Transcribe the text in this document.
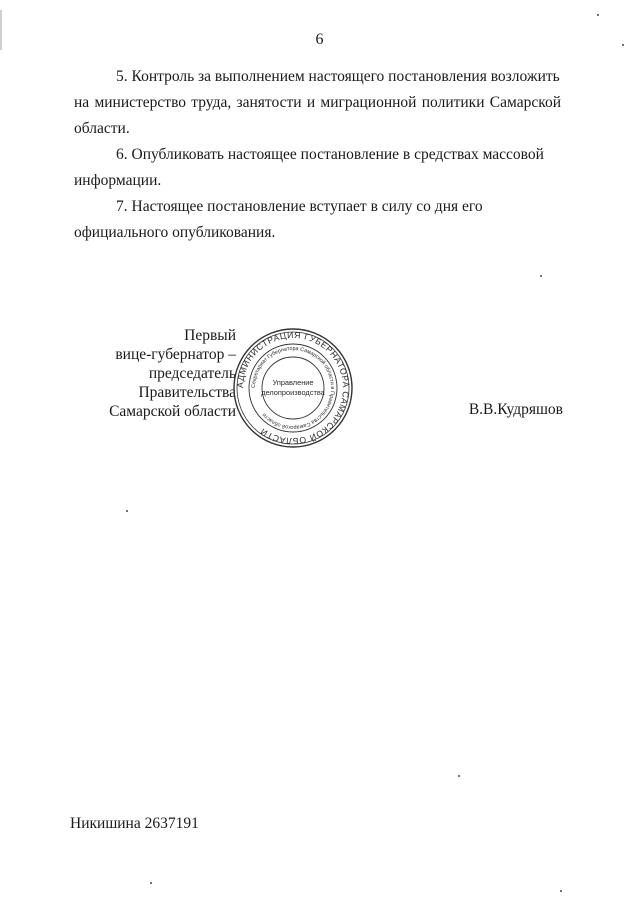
6
5. Контроль за выполнением настоящего постановления возложить
на министерство труда, занятости и миграционной политики Самарской области.
6. Опубликовать настоящее постановление в средствах массовой
информации.
7. Настоящее постановление вступает в силу со дня его
официального опубликования.
Первый
вице-губернатор –
председатель Правительства
Самарской области
АДМИНИСТРАЦИЯ ГУБЕРНАТОРА САМАРСКОЙ ОБЛАСТИ
Секретариат Губернатора Самарской области и Правительства Самарской области
Управление
делопроизводства
В.В.Кудряшов
Никишина 2637191
